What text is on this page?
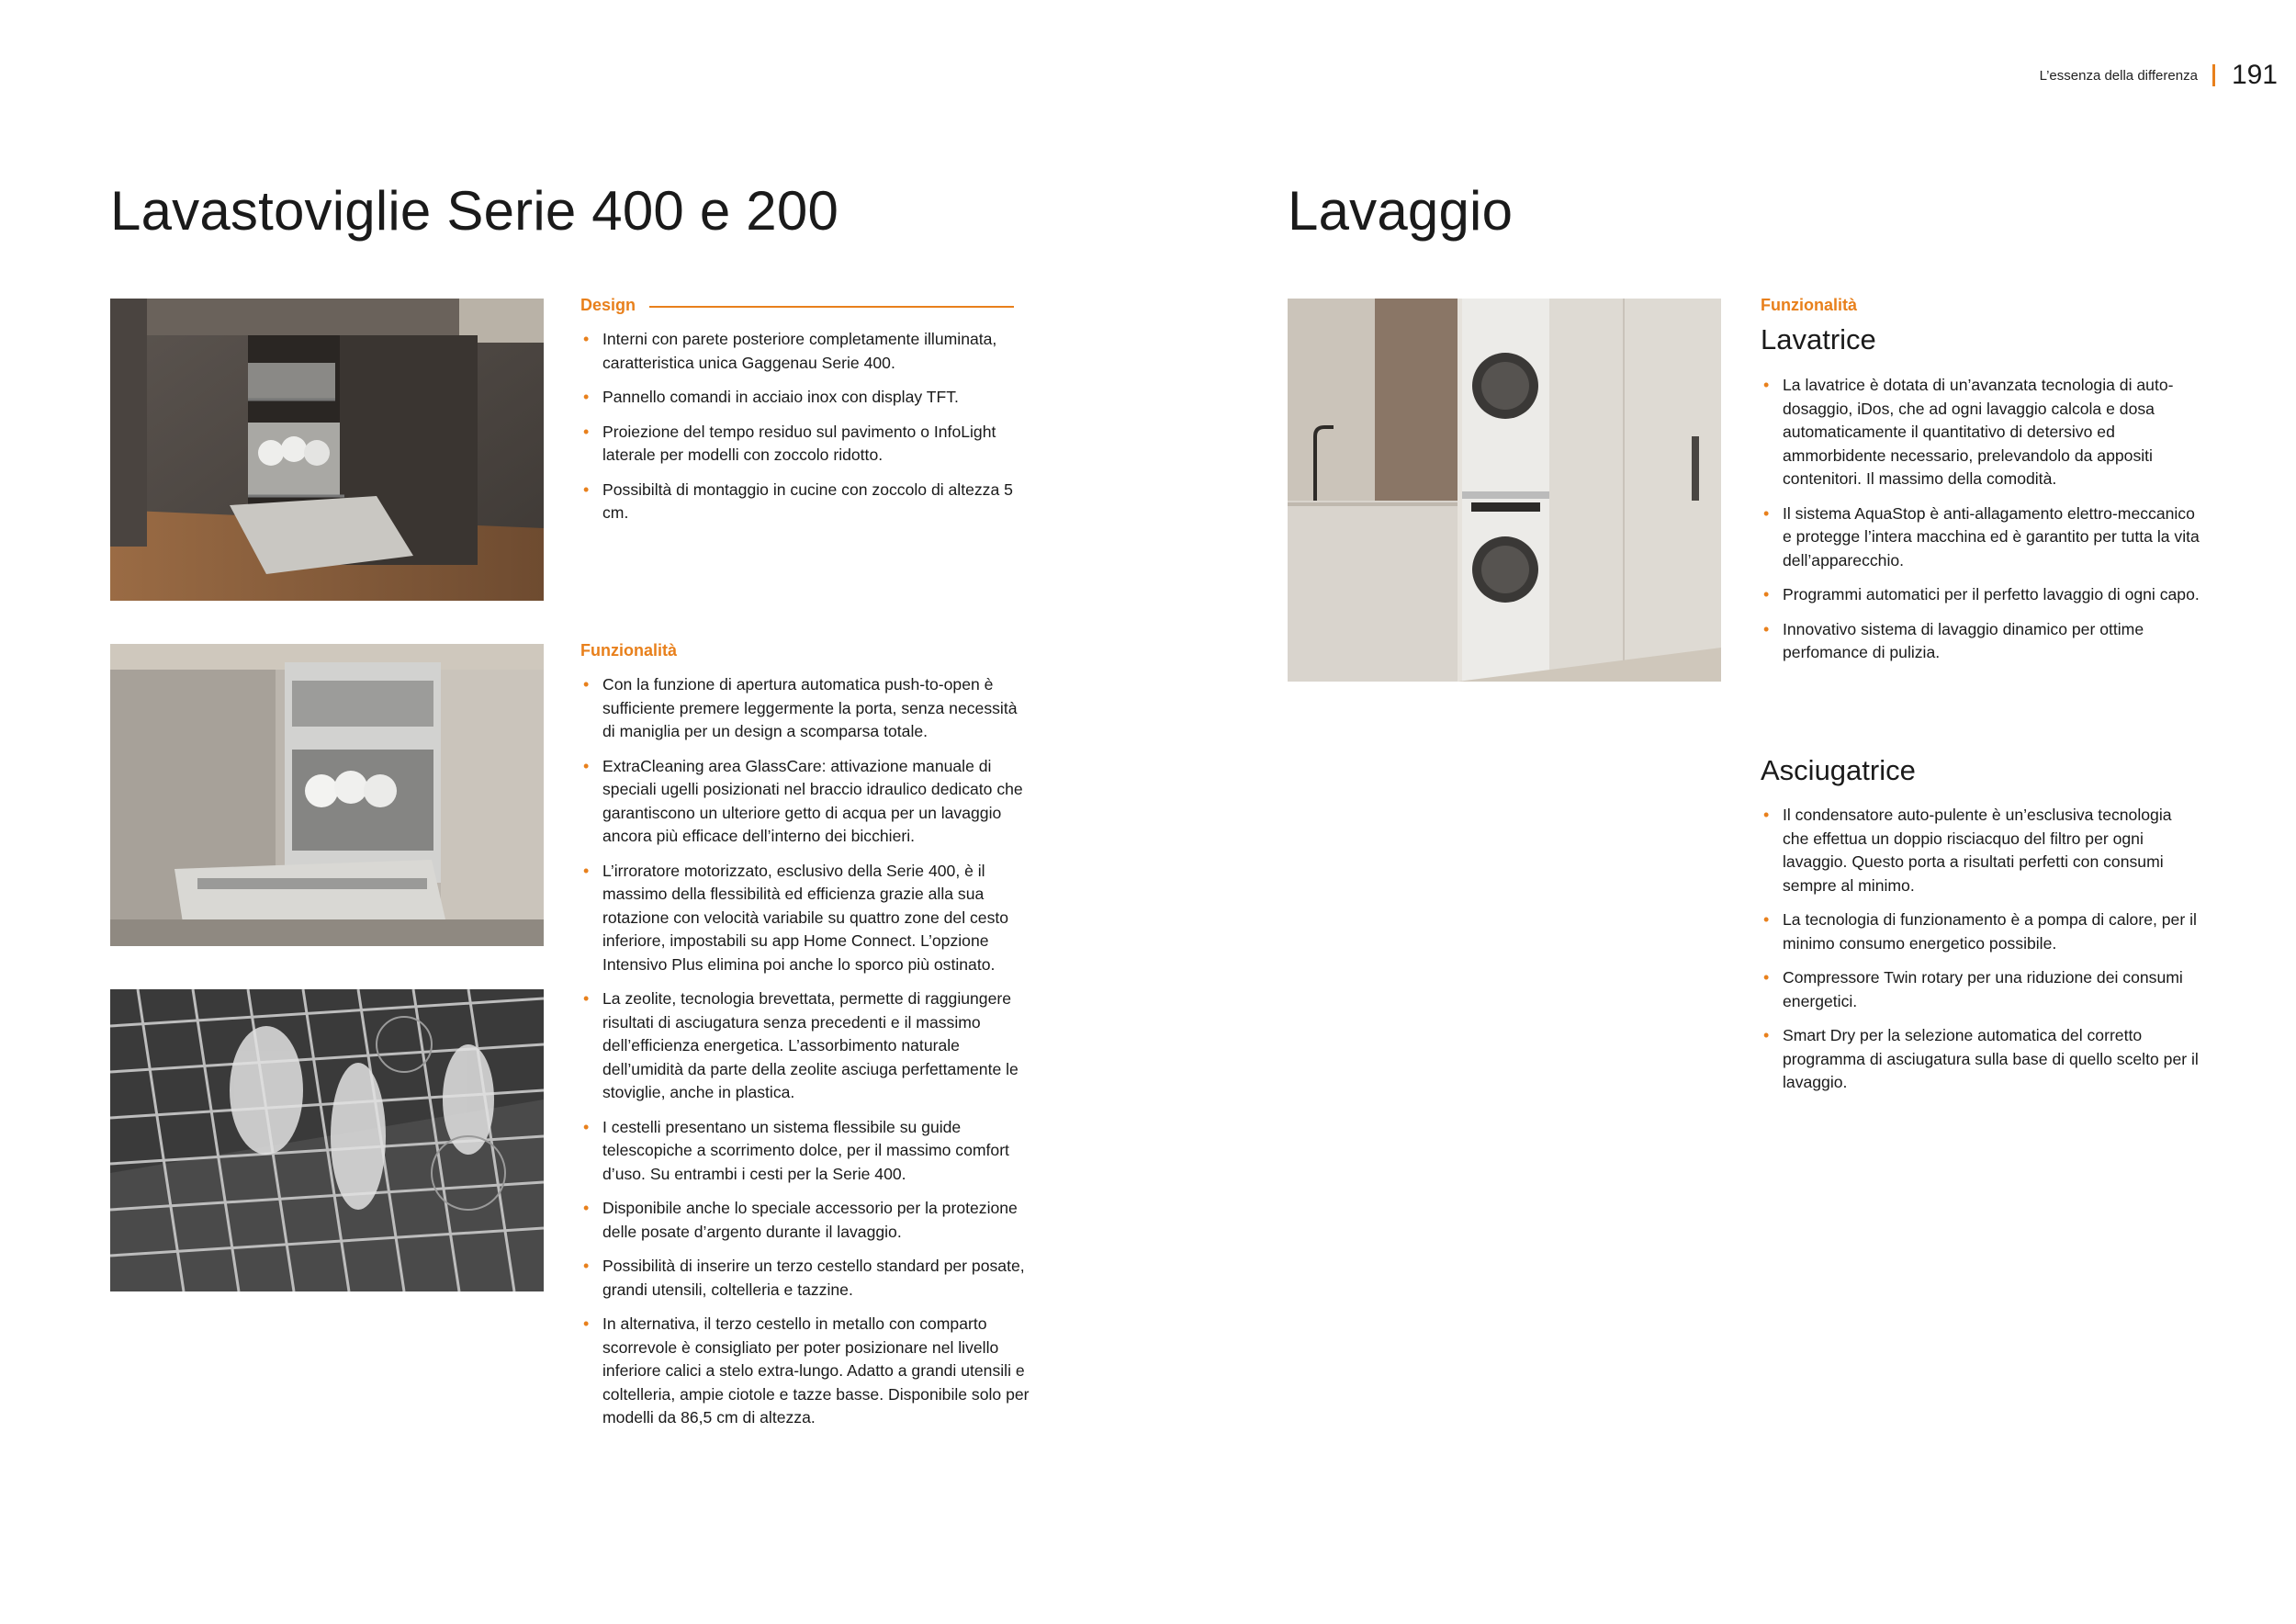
L’essenza della differenza 191
Lavastoviglie Serie 400 e 200	Lavaggio
Design
• Interni con parete posteriore completamente illuminata, caratteristica unica Gaggenau Serie 400.
• Pannello comandi in acciaio inox con display TFT.
• Proiezione del tempo residuo sul pavimento o InfoLight laterale per modelli con zoccolo ridotto.
• Possibiltà di montaggio in cucine con zoccolo di altezza 5 cm.
Funzionalità
• Con la funzione di apertura automatica push-to-open è sufficiente premere leggermente la porta, senza necessità di maniglia per un design a scomparsa totale.
• ExtraCleaning area GlassCare: attivazione manuale di speciali ugelli posizionati nel braccio idraulico dedicato che garantiscono un ulteriore getto di acqua per un lavaggio ancora più efficace dell’interno dei bicchieri.
• L’irroratore motorizzato, esclusivo della Serie 400, è il massimo della flessibilità ed efficienza grazie alla sua rotazione con velocità variabile su quattro zone del cesto inferiore, impostabili su app Home Connect. L’opzione Intensivo Plus elimina poi anche lo sporco più ostinato.
• La zeolite, tecnologia brevettata, permette di raggiungere risultati di asciugatura senza precedenti e il massimo dell’efficienza energetica. L’assorbimento naturale dell’umidità da parte della zeolite asciuga perfettamente le stoviglie, anche in plastica.
• I cestelli presentano un sistema flessibile su guide telescopiche a scorrimento dolce, per il massimo comfort d’uso. Su entrambi i cesti per la Serie 400.
• Disponibile anche lo speciale accessorio per la protezione delle posate d’argento durante il lavaggio.
• Possibilità di inserire un terzo cestello standard per posate, grandi utensili, coltelleria e tazzine.
• In alternativa, il terzo cestello in metallo con comparto scorrevole è consigliato per poter posizionare nel livello inferiore calici a stelo extra-lungo. Adatto a grandi utensili e coltelleria, ampie ciotole e tazze basse. Disponibile solo per modelli da 86,5 cm di altezza.
Funzionalità
Lavatrice
• La lavatrice è dotata di un’avanzata tecnologia di auto-dosaggio, iDos, che ad ogni lavaggio calcola e dosa automaticamente il quantitativo di detersivo ed ammorbidente necessario, prelevandolo da appositi contenitori. Il massimo della comodità.
• Il sistema AquaStop è anti-allagamento elettro-meccanico e protegge l’intera macchina ed è garantito per tutta la vita dell’apparecchio.
• Programmi automatici per il perfetto lavaggio di ogni capo.
• Innovativo sistema di lavaggio dinamico per ottime perfomance di pulizia.
Asciugatrice
• Il condensatore auto-pulente è un’esclusiva tecnologia che effettua un doppio risciacquo del filtro per ogni lavaggio. Questo porta a risultati perfetti con consumi sempre al minimo.
• La tecnologia di funzionamento è a pompa di calore, per il minimo consumo energetico possibile.
• Compressore Twin rotary per una riduzione dei consumi energetici.
• Smart Dry per la selezione automatica del corretto programma di asciugatura sulla base di quello scelto per il lavaggio.
